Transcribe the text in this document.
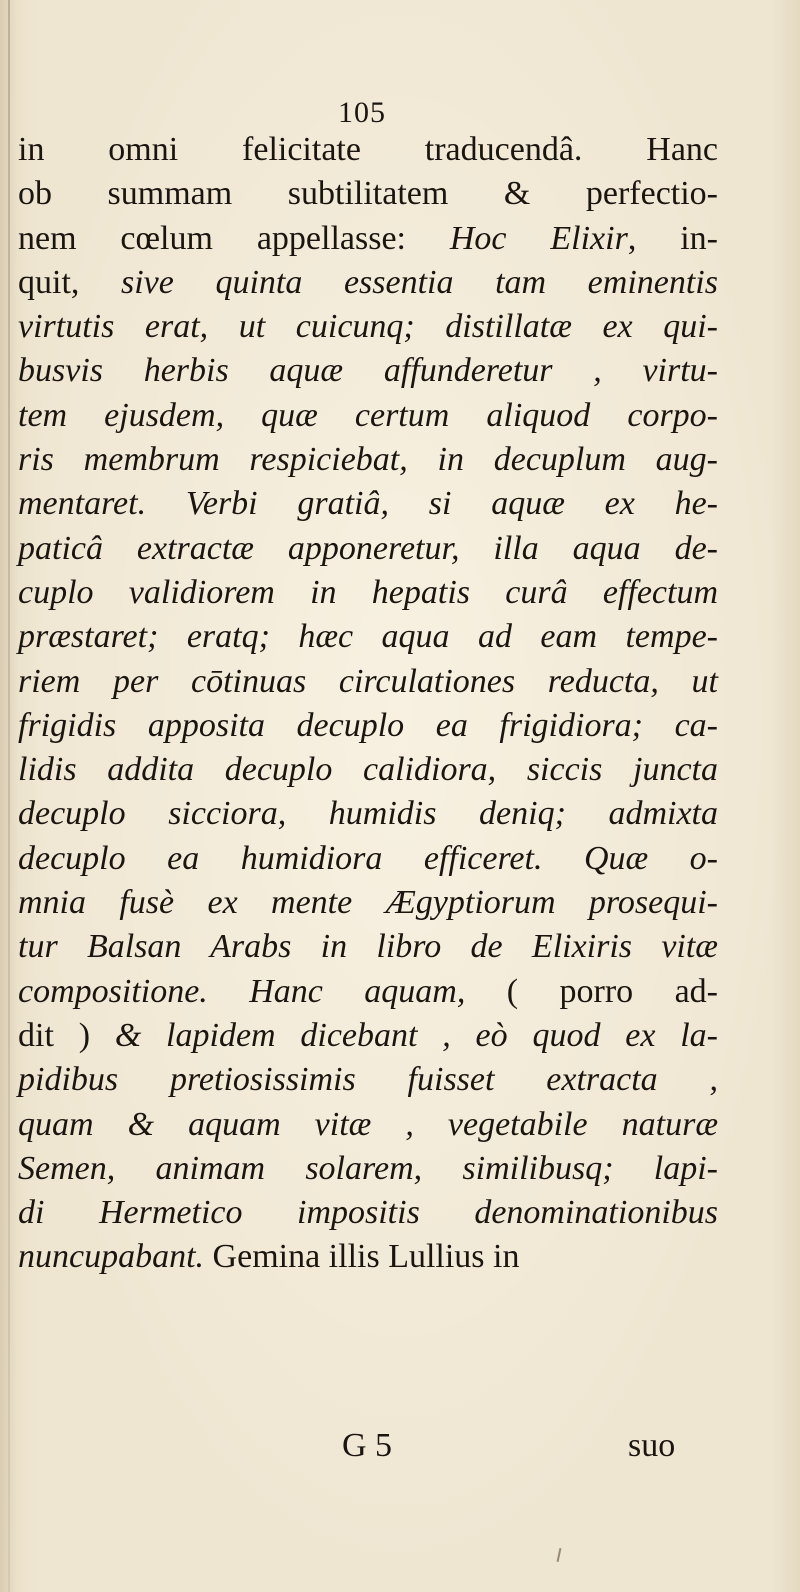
105
in omni felicitate traducendâ. Hanc
ob summam subtilitatem & perfectio-
nem cœlum appellasse: Hoc Elixir, in-
quit, sive quinta essentia tam eminentis
virtutis erat, ut cuicunq; distillatæ ex qui-
busvis herbis aquæ affunderetur , virtu-
tem ejusdem, quæ certum aliquod corpo-
ris membrum respiciebat, in decuplum aug-
mentaret. Verbi gratiâ, si aquæ ex he-
paticâ extractæ apponeretur, illa aqua de-
cuplo validiorem in hepatis curâ effectum
præstaret; eratq; hæc aqua ad eam tempe-
riem per cōtinuas circulationes reducta, ut
frigidis apposita decuplo ea frigidiora; ca-
lidis addita decuplo calidiora, siccis juncta
decuplo sicciora, humidis deniq; admixta
decuplo ea humidiora efficeret. Quæ o-
mnia fusè ex mente Ægyptiorum prosequi-
tur Balsan Arabs in libro de Elixiris vitæ
compositione. Hanc aquam, ( porro ad-
dit ) & lapidem dicebant , eò quod ex la-
pidibus pretiosissimis fuisset extracta ,
quam & aquam vitæ , vegetabile naturæ
Semen, animam solarem, similibusq; lapi-
di Hermetico impositis denominationibus
nuncupabant. Gemina illis Lullius in
G 5	suo
